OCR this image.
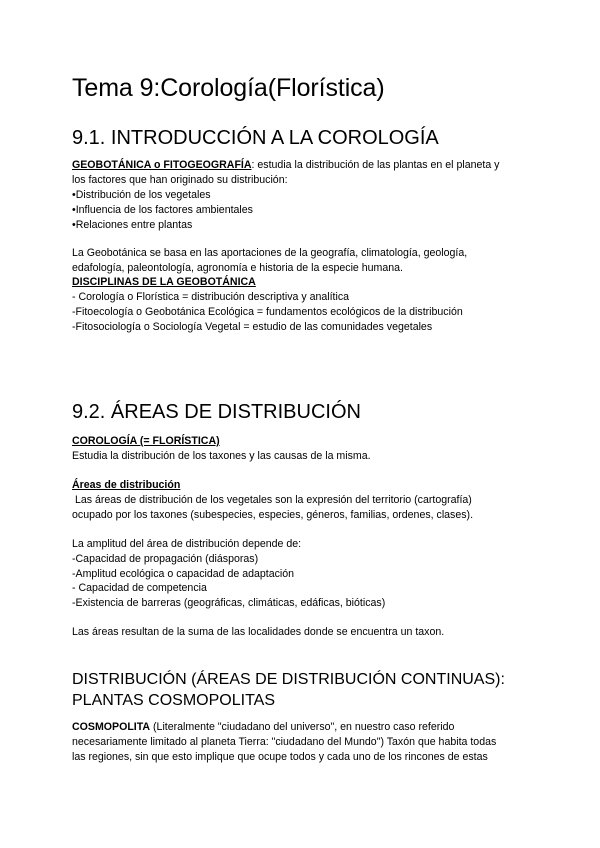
Tema 9:Corología(Florística)
9.1. INTRODUCCIÓN A LA COROLOGÍA
GEOBOTÁNICA o FITOGEOGRAFÍA: estudia la distribución de las plantas en el planeta y
los factores que han originado su distribución:
•Distribución de los vegetales
•Influencia de los factores ambientales
•Relaciones entre plantas
La Geobotánica se basa en las aportaciones de la geografía, climatología, geología,
edafología, paleontología, agronomía e historia de la especie humana.
DISCIPLINAS DE LA GEOBOTÁNICA
- Corología o Florística = distribución descriptiva y analítica
-Fitoecología o Geobotánica Ecológica = fundamentos ecológicos de la distribución
-Fitosociología o Sociología Vegetal = estudio de las comunidades vegetales
9.2. ÁREAS DE DISTRIBUCIÓN
COROLOGÍA (= FLORÍSTICA)
Estudia la distribución de los taxones y las causas de la misma.
Áreas de distribución
Las áreas de distribución de los vegetales son la expresión del territorio (cartografía)
ocupado por los taxones (subespecies, especies, géneros, familias, ordenes, clases).
La amplitud del área de distribución depende de:
-Capacidad de propagación (diásporas)
-Amplitud ecológica o capacidad de adaptación
- Capacidad de competencia
-Existencia de barreras (geográficas, climáticas, edáficas, bióticas)
Las áreas resultan de la suma de las localidades donde se encuentra un taxon.
DISTRIBUCIÓN (ÁREAS DE DISTRIBUCIÓN CONTINUAS):
PLANTAS COSMOPOLITAS
COSMOPOLITA (Literalmente "ciudadano del universo", en nuestro caso referido
necesariamente limitado al planeta Tierra: "ciudadano del Mundo") Taxón que habita todas
las regiones, sin que esto implique que ocupe todos y cada uno de los rincones de estas
